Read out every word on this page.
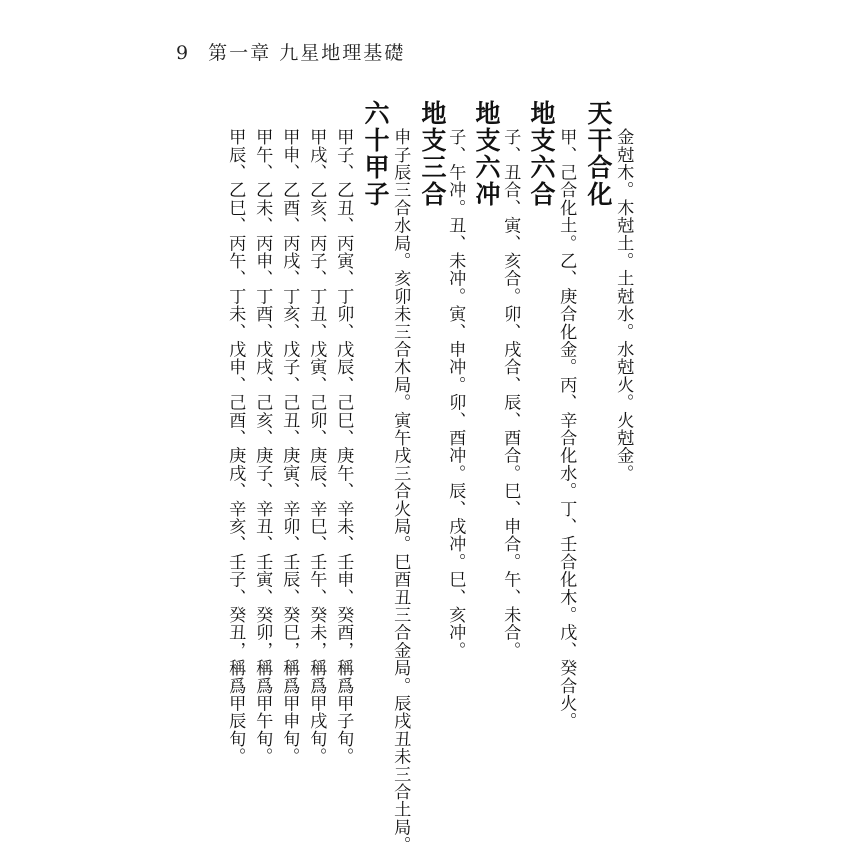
9 第一章 九星地理基礎
金尅木。木尅土。土尅水。水尅火。火尅金。
天干合化
甲、己合化土。乙、庚合化金。丙、辛合化水。丁、壬合化木。戊、癸合火。
地支六合
子、丑合、寅、亥合。卯、戌合、辰、酉合。巳、申合。午、未合。
地支六冲
子、午冲。丑、未冲。寅、申冲。卯、酉冲。辰、戌冲。巳、亥冲。
地支三合
申子辰三合水局。亥卯未三合木局。寅午戌三合火局。巳酉丑三合金局。辰戌丑未三合土局。
六十甲子
甲子、乙丑、丙寅、丁卯、戊辰、己巳、庚午、辛未、壬申、癸酉，稱爲甲子旬。
甲戌、乙亥、丙子、丁丑、戊寅、己卯、庚辰、辛巳、壬午、癸未，稱爲甲戌旬。
甲申、乙酉、丙戌、丁亥、戊子、己丑、庚寅、辛卯、壬辰、癸巳，稱爲甲申旬。
甲午、乙未、丙申、丁酉、戊戌、己亥、庚子、辛丑、壬寅、癸卯，稱爲甲午旬。
甲辰、乙巳、丙午、丁未、戊申、己酉、庚戌、辛亥、壬子、癸丑，稱爲甲辰旬。
